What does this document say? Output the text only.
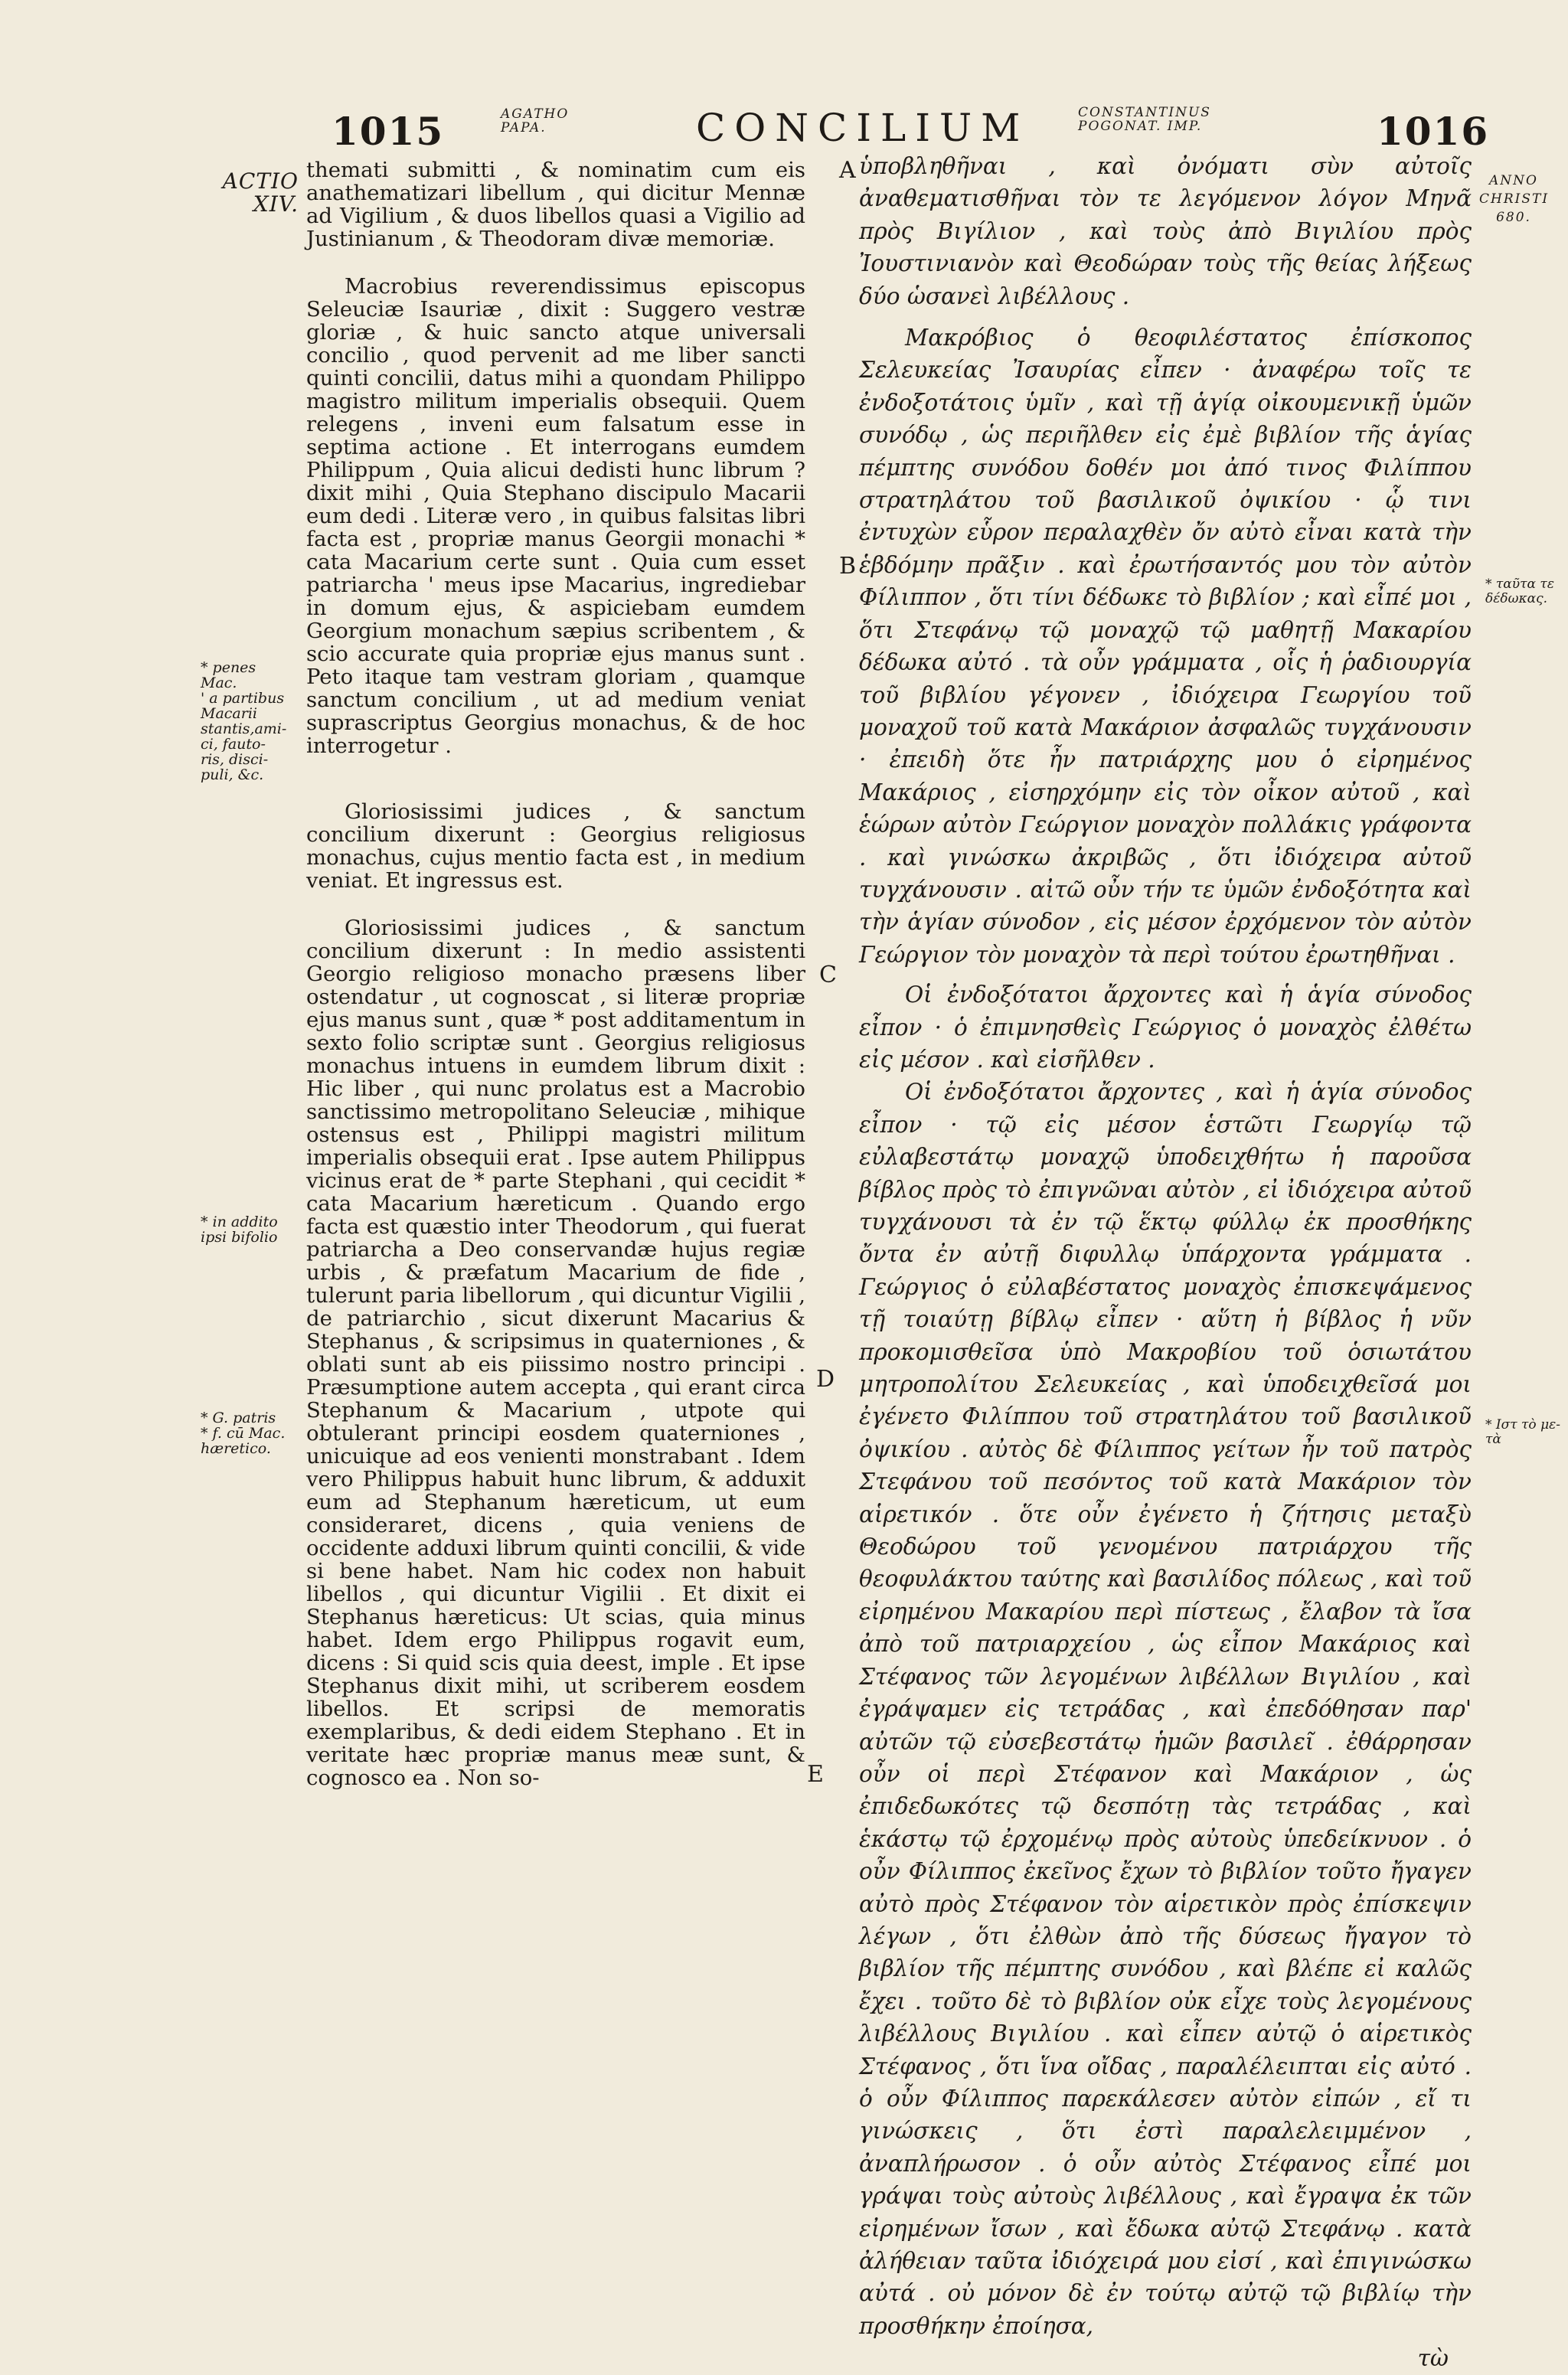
1015	AGATHO
PAPA.	CONCILIUM	CONSTANTINUS
POGONAT. IMP.	1016
ACTIO
XIV.
* penes
Mac.
' a partibus
Macarii
stantis,ami-
ci, fauto-
ris, disci-
puli, &c.
* in addito
ipsi bifolio
* G. patris
* f. cū Mac.
hæretico.
ANNO
CHRISTI
680.
* ταῦτα τε
δέδωκας.
* Ιστ τὸ με-
τὰ
A
B
C
D
E

themati submitti , & nominatim cum eis anathematizari libellum , qui dicitur Mennæ ad Vigilium , & duos libellos quasi a Vigilio ad Justinianum , & Theodoram divæ memoriæ.

Macrobius reverendissimus episcopus Seleuciæ Isauriæ , dixit : Suggero vestræ gloriæ , & huic sancto atque universali concilio , quod pervenit ad me liber sancti quinti concilii, datus mihi a quondam Philippo magistro militum imperialis obsequii. Quem relegens , inveni eum falsatum esse in septima actione . Et interrogans eumdem Philippum , Quia alicui dedisti hunc librum ? dixit mihi , Quia Stephano discipulo Macarii eum dedi . Literæ vero , in quibus falsitas libri facta est , propriæ manus Georgii monachi * cata Macarium certe sunt . Quia cum esset patriarcha ' meus ipse Macarius, ingrediebar in domum ejus, & aspiciebam eumdem Georgium monachum sæpius scribentem , & scio accurate quia propriæ ejus manus sunt . Peto itaque tam vestram gloriam , quamque sanctum concilium , ut ad medium veniat suprascriptus Georgius monachus, & de hoc interrogetur .

Gloriosissimi judices , & sanctum concilium dixerunt : Georgius religiosus monachus, cujus mentio facta est , in medium veniat. Et ingressus est.

Gloriosissimi judices , & sanctum concilium dixerunt : In medio assistenti Georgio religioso monacho præsens liber ostendatur , ut cognoscat , si literæ propriæ ejus manus sunt , quæ * post additamentum in sexto folio scriptæ sunt . Georgius religiosus monachus intuens in eumdem librum dixit : Hic liber , qui nunc prolatus est a Macrobio sanctissimo metropolitano Seleuciæ , mihique ostensus est , Philippi magistri militum imperialis obsequii erat . Ipse autem Philippus vicinus erat de * parte Stephani , qui cecidit * cata Macarium hæreticum . Quando ergo facta est quæstio inter Theodorum , qui fuerat patriarcha a Deo conservandæ hujus regiæ urbis , & præfatum Macarium de fide , tulerunt paria libellorum , qui dicuntur Vigilii , de patriarchio , sicut dixerunt Macarius & Stephanus , & scripsimus in quaterniones , & oblati sunt ab eis piissimo nostro principi . Præsumptione autem accepta , qui erant circa Stephanum & Macarium , utpote qui obtulerant principi eosdem quaterniones , unicuique ad eos venienti monstrabant . Idem vero Philippus habuit hunc librum, & adduxit eum ad Stephanum hæreticum, ut eum consideraret, dicens , quia veniens de occidente adduxi librum quinti concilii, & vide si bene habet. Nam hic codex non habuit libellos , qui dicuntur Vigilii . Et dixit ei Stephanus hæreticus: Ut scias, quia minus habet. Idem ergo Philippus rogavit eum, dicens : Si quid scis quia deest, imple . Et ipse Stephanus dixit mihi, ut scriberem eosdem libellos. Et scripsi de memoratis exemplaribus, & dedi eidem Stephano . Et in veritate hæc propriæ manus meæ sunt, & cognosco ea . Non so-

ὑποβληθῆναι , καὶ ὀνόματι σὺν αὐτοῖς ἀναθεματισθῆναι τὸν τε λεγόμενον λόγον Μηνᾶ πρὸς Βιγίλιον , καὶ τοὺς ἀπὸ Βιγιλίου πρὸς Ἰουστινιανὸν καὶ Θεοδώραν τοὺς τῆς θείας λήξεως δύο ὡσανεὶ λιβέλλους .

Μακρόβιος ὁ θεοφιλέστατος ἐπίσκοπος Σελευκείας Ἰσαυρίας εἶπεν · ἀναφέρω τοῖς τε ἐνδοξοτάτοις ὑμῖν , καὶ τῇ ἁγίᾳ οἰκουμενικῇ ὑμῶν συνόδῳ , ὡς περιῆλθεν εἰς ἐμὲ βιβλίον τῆς ἁγίας πέμπτης συνόδου δοθέν μοι ἀπό τινος Φιλίππου στρατηλάτου τοῦ βασιλικοῦ ὀψικίου · ᾧ τινι ἐντυχὼν εὗρον περαλαχθὲν ὄν αὐτὸ εἶναι κατὰ τὴν ἑβδόμην πρᾶξιν . καὶ ἐρωτήσαντός μου τὸν αὐτὸν Φίλιππον , ὅτι τίνι δέδωκε τὸ βιβλίον ; καὶ εἶπέ μοι , ὅτι Στεφάνῳ τῷ μοναχῷ τῷ μαθητῇ Μακαρίου δέδωκα αὐτό . τὰ οὖν γράμματα , οἷς ἡ ῥαδιουργία τοῦ βιβλίου γέγονεν , ἰδιόχειρα Γεωργίου τοῦ μοναχοῦ τοῦ κατὰ Μακάριον ἀσφαλῶς τυγχάνουσιν · ἐπειδὴ ὅτε ἦν πατριάρχης μου ὁ εἰρημένος Μακάριος , εἰσηρχόμην εἰς τὸν οἶκον αὐτοῦ , καὶ ἑώρων αὐτὸν Γεώργιον μοναχὸν πολλάκις γράφοντα . καὶ γινώσκω ἀκριβῶς , ὅτι ἰδιόχειρα αὐτοῦ τυγχάνουσιν . αἰτῶ οὖν τήν τε ὑμῶν ἐνδοξότητα καὶ τὴν ἁγίαν σύνοδον , εἰς μέσον ἐρχόμενον τὸν αὐτὸν Γεώργιον τὸν μοναχὸν τὰ περὶ τούτου ἐρωτηθῆναι .

Οἱ ἐνδοξότατοι ἄρχοντες καὶ ἡ ἁγία σύνοδος εἶπον · ὁ ἐπιμνησθεὶς Γεώργιος ὁ μοναχὸς ἐλθέτω εἰς μέσον . καὶ εἰσῆλθεν .

Οἱ ἐνδοξότατοι ἄρχοντες , καὶ ἡ ἁγία σύνοδος εἶπον · τῷ εἰς μέσον ἑστῶτι Γεωργίῳ τῷ εὐλαβεστάτῳ μοναχῷ ὑποδειχθήτω ἡ παροῦσα βίβλος πρὸς τὸ ἐπιγνῶναι αὐτὸν , εἰ ἰδιόχειρα αὐτοῦ τυγχάνουσι τὰ ἐν τῷ ἕκτῳ φύλλῳ ἐκ προσθήκης ὄντα ἐν αὐτῇ διφυλλῳ ὑπάρχοντα γράμματα . Γεώργιος ὁ εὐλαβέστατος μοναχὸς ἐπισκεψάμενος τῇ τοιαύτῃ βίβλῳ εἶπεν · αὕτη ἡ βίβλος ἡ νῦν προκομισθεῖσα ὑπὸ Μακροβίου τοῦ ὁσιωτάτου μητροπολίτου Σελευκείας , καὶ ὑποδειχθεῖσά μοι ἐγένετο Φιλίππου τοῦ στρατηλάτου τοῦ βασιλικοῦ ὀψικίου . αὐτὸς δὲ Φίλιππος γείτων ἦν τοῦ πατρὸς Στεφάνου τοῦ πεσόντος τοῦ κατὰ Μακάριον τὸν αἱρετικόν . ὅτε οὖν ἐγένετο ἡ ζήτησις μεταξὺ Θεοδώρου τοῦ γενομένου πατριάρχου τῆς θεοφυλάκτου ταύτης καὶ βασιλίδος πόλεως , καὶ τοῦ εἰρημένου Μακαρίου περὶ πίστεως , ἔλαβον τὰ ἴσα ἀπὸ τοῦ πατριαρχείου , ὡς εἶπον Μακάριος καὶ Στέφανος τῶν λεγομένων λιβέλλων Βιγιλίου , καὶ ἐγράψαμεν εἰς τετράδας , καὶ ἐπεδόθησαν παρ' αὐτῶν τῷ εὐσεβεστάτῳ ἡμῶν βασιλεῖ . ἐθάρρησαν οὖν οἱ περὶ Στέφανον καὶ Μακάριον , ὡς ἐπιδεδωκότες τῷ δεσπότῃ τὰς τετράδας , καὶ ἑκάστῳ τῷ ἐρχομένῳ πρὸς αὐτοὺς ὑπεδείκνυον . ὁ οὖν Φίλιππος ἐκεῖνος ἔχων τὸ βιβλίον τοῦτο ἤγαγεν αὐτὸ πρὸς Στέφανον τὸν αἱρετικὸν πρὸς ἐπίσκεψιν λέγων , ὅτι ἐλθὼν ἀπὸ τῆς δύσεως ἤγαγον τὸ βιβλίον τῆς πέμπτης συνόδου , καὶ βλέπε εἰ καλῶς ἔχει . τοῦτο δὲ τὸ βιβλίον οὐκ εἶχε τοὺς λεγομένους λιβέλλους Βιγιλίου . καὶ εἶπεν αὐτῷ ὁ αἱρετικὸς Στέφανος , ὅτι ἵνα οἴδας , παραλέλειπται εἰς αὐτό . ὁ οὖν Φίλιππος παρεκάλεσεν αὐτὸν εἰπών , εἴ τι γινώσκεις , ὅτι ἐστὶ παραλελειμμένον , ἀναπλήρωσον . ὁ οὖν αὐτὸς Στέφανος εἶπέ μοι γράψαι τοὺς αὐτοὺς λιβέλλους , καὶ ἔγραψα ἐκ τῶν εἰρημένων ἴσων , καὶ ἔδωκα αὐτῷ Στεφάνῳ . κατὰ ἀλήθειαν ταῦτα ἰδιόχειρά μου εἰσί , καὶ ἐπιγινώσκω αὐτά . οὐ μόνον δὲ ἐν τούτῳ αὐτῷ τῷ βιβλίῳ τὴν προσθήκην ἐποίησα,

τὼ
